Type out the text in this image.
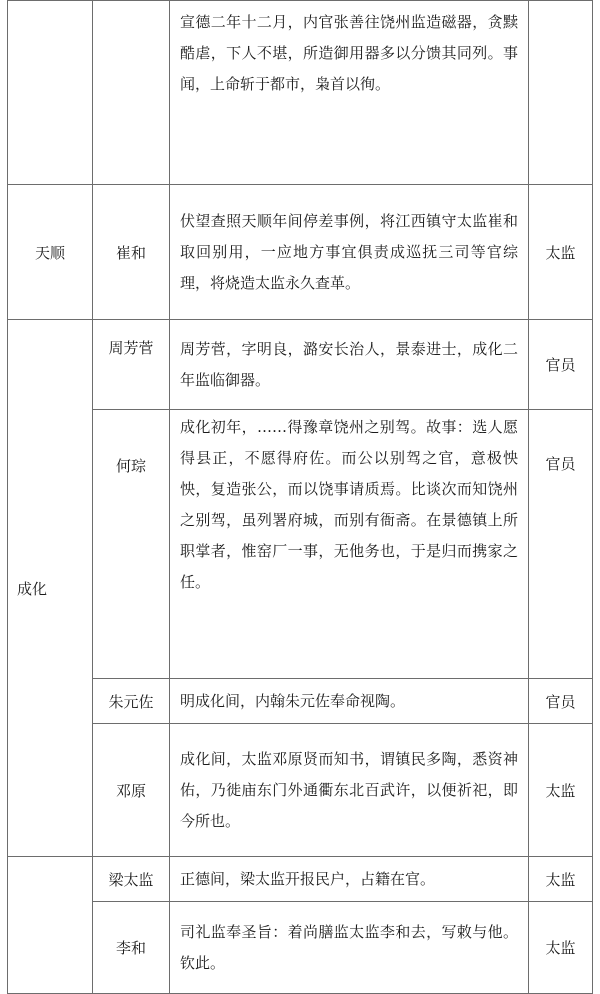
		宣德二年十二月，内官张善往饶州监造磁器，贪黩酷虐，下人不堪，所造御用器多以分馈其同列。事闻，上命斩于都市，枭首以徇。	
天顺	崔和	伏望查照天顺年间停差事例，将江西镇守太监崔和取回别用，一应地方事宜俱责成巡抚三司等官综理，将烧造太监永久查革。	太监
成化	周芳菅	周芳菅，字明良，潞安长治人，景泰进士，成化二年监临御器。	官员
	何琮	成化初年，……得豫章饶州之别驾。故事：选人愿得县正，不愿得府佐。而公以别驾之官，意极怏怏，复造张公，而以饶事请质焉。比谈次而知饶州之别驾，虽列署府城，而别有衙斋。在景德镇上所职掌者，惟窑厂一事，无他务也，于是归而携家之任。	官员
	朱元佐	明成化间，内翰朱元佐奉命视陶。	官员
	邓原	成化间，太监邓原贤而知书，谓镇民多陶，悉资神佑，乃徙庙东门外通衢东北百武许，以便祈祀，即今所也。	太监
	梁太监	正德间，梁太监开报民户，占籍在官。	太监
	李和	司礼监奉圣旨：着尚膳监太监李和去，写敕与他。钦此。	太监
